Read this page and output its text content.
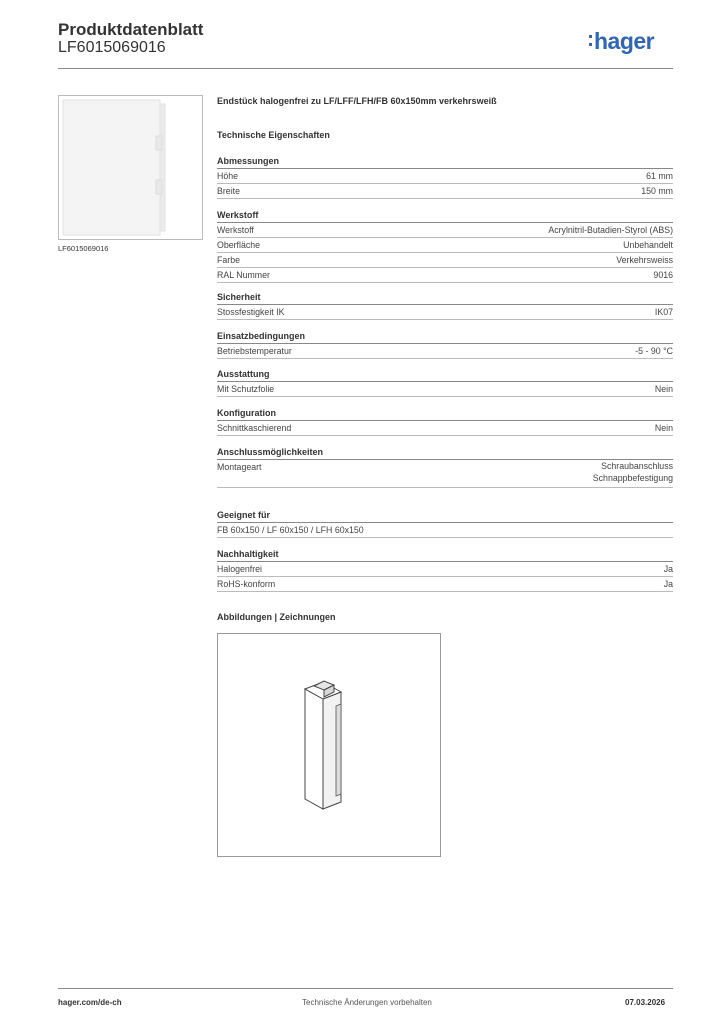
Produktdatenblatt
LF6015069016	hager
LF6015069016
Endstück halogenfrei zu LF/LFF/LFH/FB 60x150mm verkehrsweiß
Technische Eigenschaften
Abmessungen
Höhe	61 mm
Breite	150 mm
Werkstoff
Werkstoff	Acrylnitril-Butadien-Styrol (ABS)
Oberfläche	Unbehandelt
Farbe	Verkehrsweiss
RAL Nummer	9016
Sicherheit
Stossfestigkeit IK	IK07
Einsatzbedingungen
Betriebstemperatur	-5 - 90 °C
Ausstattung
Mit Schutzfolie	Nein
Konfiguration
Schnittkaschierend	Nein
Anschlussmöglichkeiten
Montageart	Schraubanschluss
Schnappbefestigung
Geeignet für
FB 60x150 / LF 60x150 / LFH 60x150
Nachhaltigkeit
Halogenfrei	Ja
RoHS-konform	Ja
Abbildungen | Zeichnungen
hager.com/de-ch	Technische Änderungen vorbehalten	07.03.2026
